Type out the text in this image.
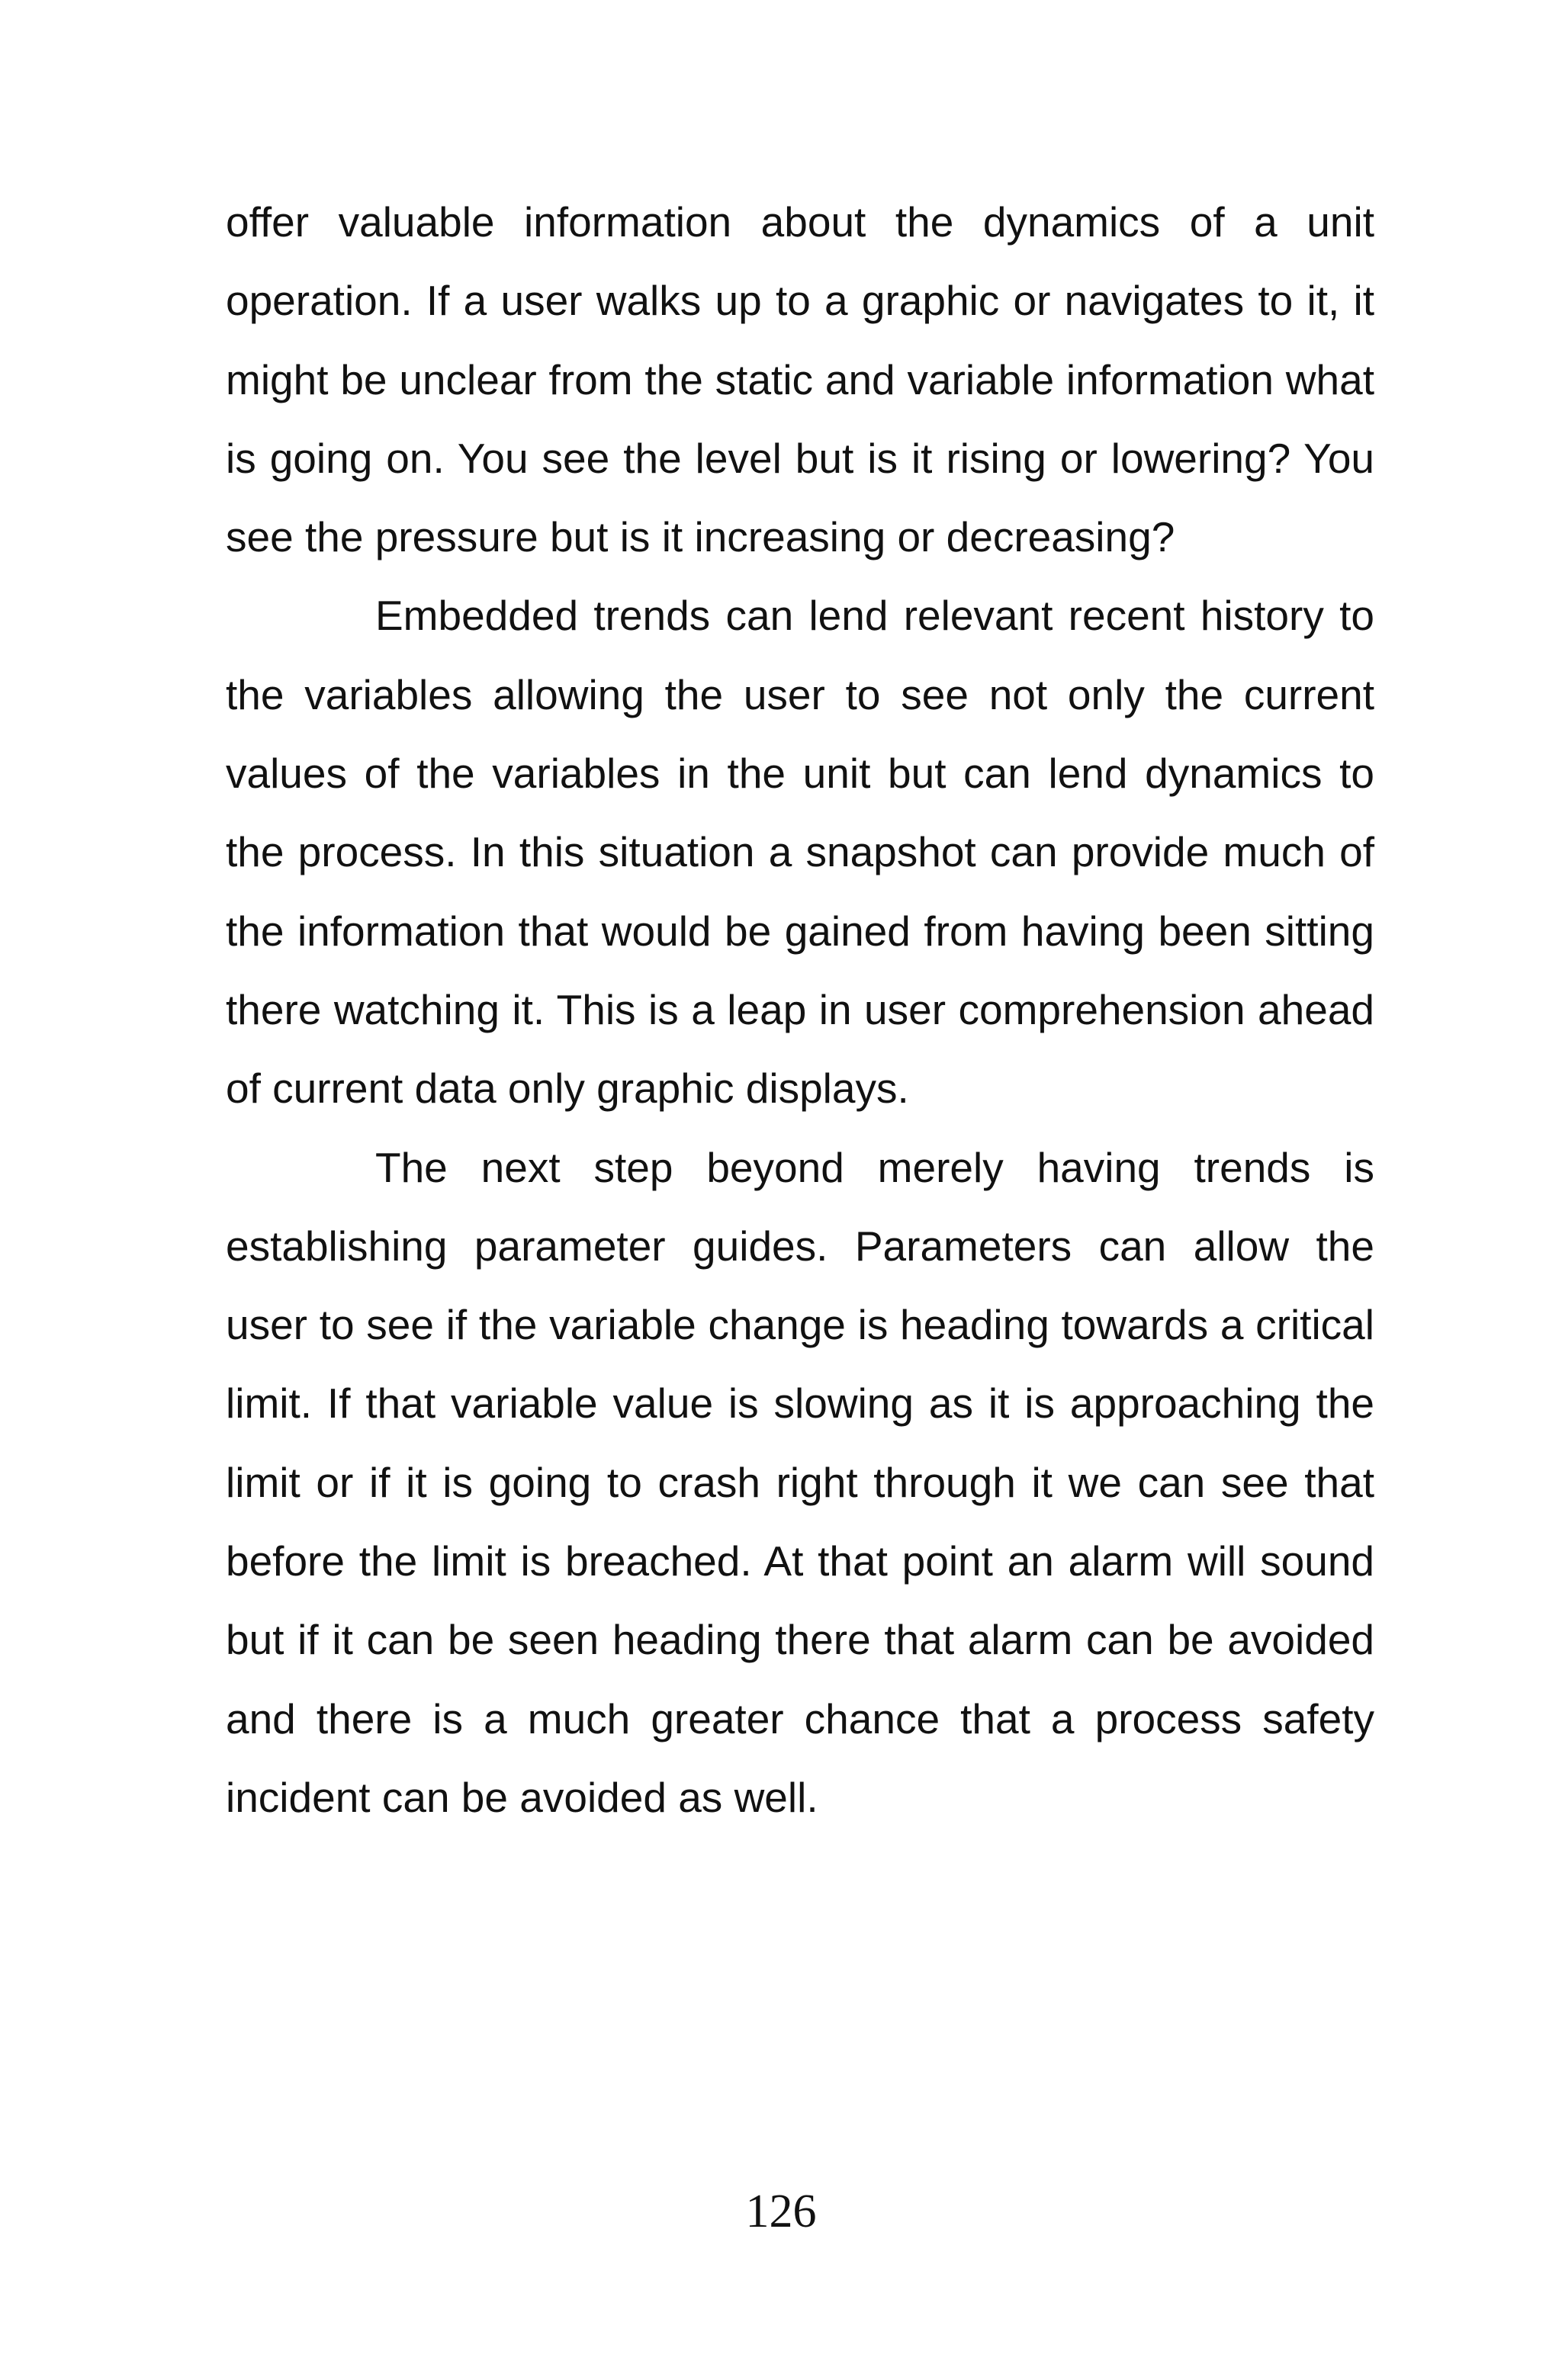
offer valuable information about the dynamics of a unit operation. If a user walks up to a graphic or navigates to it, it might be unclear from the static and variable information what is going on. You see the level but is it rising or lowering? You see the pressure but is it increasing or decreasing?

Embedded trends can lend relevant recent history to the variables allowing the user to see not only the current values of the variables in the unit but can lend dynamics to the process. In this situation a snapshot can provide much of the information that would be gained from having been sitting there watching it. This is a leap in user comprehension ahead of current data only graphic displays.

The next step beyond merely having trends is establishing parameter guides. Parameters can allow the user to see if the variable change is heading towards a critical limit. If that variable value is slowing as it is approaching the limit or if it is going to crash right through it we can see that before the limit is breached. At that point an alarm will sound but if it can be seen heading there that alarm can be avoided and there is a much greater chance that a process safety incident can be avoided as well.

126
